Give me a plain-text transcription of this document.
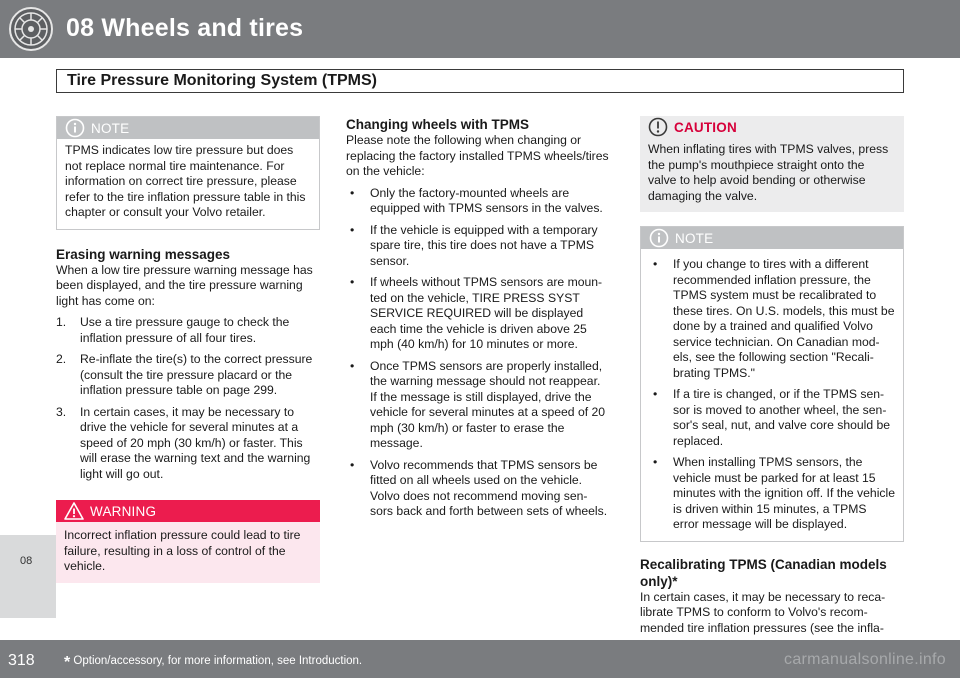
08 Wheels and tires
Tire Pressure Monitoring System (TPMS)
08
NOTE

TPMS indicates low tire pressure but does not replace normal tire maintenance. For information on correct tire pressure, please refer to the tire inflation pressure table in this chapter or consult your Volvo retailer.

Erasing warning messages

When a low tire pressure warning message has been displayed, and the tire pressure warning light has come on:

1. Use a tire pressure gauge to check the inflation pressure of all four tires.
2. Re-inflate the tire(s) to the correct pressure (consult the tire pressure placard or the inflation pressure table on page 299.
3. In certain cases, it may be necessary to drive the vehicle for several minutes at a speed of 20 mph (30 km/h) or faster. This will erase the warning text and the warning light will go out.
WARNING

Incorrect inflation pressure could lead to tire failure, resulting in a loss of control of the vehicle.

Changing wheels with TPMS

Please note the following when changing or replacing the factory installed TPMS wheels/tires on the vehicle:

• Only the factory-mounted wheels are equipped with TPMS sensors in the valves.
• If the vehicle is equipped with a temporary spare tire, this tire does not have a TPMS sensor.
• If wheels without TPMS sensors are moun-ted on the vehicle, TIRE PRESS SYST SERVICE REQUIRED will be displayed each time the vehicle is driven above 25 mph (40 km/h) for 10 minutes or more.
• Once TPMS sensors are properly installed, the warning message should not reappear. If the message is still displayed, drive the vehicle for several minutes at a speed of 20 mph (30 km/h) or faster to erase the message.
• Volvo recommends that TPMS sensors be fitted on all wheels used on the vehicle. Volvo does not recommend moving sen-sors back and forth between sets of wheels.
CAUTION

When inflating tires with TPMS valves, press the pump's mouthpiece straight onto the valve to help avoid bending or otherwise damaging the valve.

NOTE
• If you change to tires with a different recommended inflation pressure, the TPMS system must be recalibrated to these tires. On U.S. models, this must be done by a trained and qualified Volvo service technician. On Canadian mod-els, see the following section "Recali-brating TPMS."
• If a tire is changed, or if the TPMS sen-sor is moved to another wheel, the sen-sor's seal, nut, and valve core should be replaced.
• When installing TPMS sensors, the vehicle must be parked for at least 15 minutes with the ignition off. If the vehicle is driven within 15 minutes, a TPMS error message will be displayed.
Recalibrating TPMS (Canadian models only)*

In certain cases, it may be necessary to reca-librate TPMS to conform to Volvo's recom-mended tire inflation pressures (see the infla-

318 * Option/accessory, for more information, see Introduction.	carmanualsonline.info
